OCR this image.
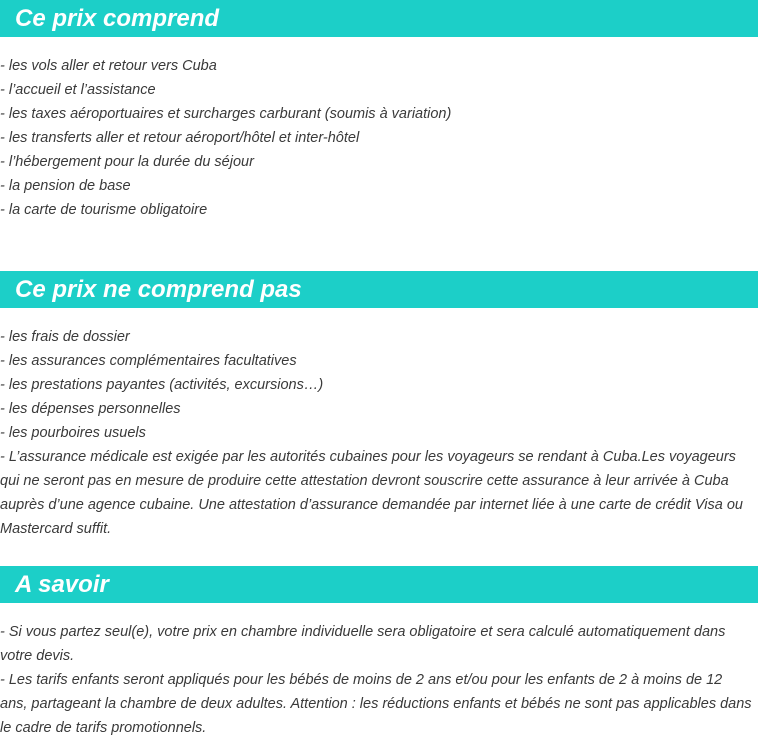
Ce prix comprend
- les vols aller et retour vers Cuba
- l’accueil et l’assistance
- les taxes aéroportuaires et surcharges carburant (soumis à variation)
- les transferts aller et retour aéroport/hôtel et inter-hôtel
- l’hébergement pour la durée du séjour
- la pension de base
- la carte de tourisme obligatoire
Ce prix ne comprend pas
- les frais de dossier
- les assurances complémentaires facultatives
- les prestations payantes (activités, excursions…)
- les dépenses personnelles
- les pourboires usuels
- L’assurance médicale est exigée par les autorités cubaines pour les voyageurs se rendant à Cuba.Les voyageurs qui ne seront pas en mesure de produire cette attestation devront souscrire cette assurance à leur arrivée à Cuba auprès d’une agence cubaine. Une attestation d’assurance demandée par internet liée à une carte de crédit Visa ou Mastercard suffit.
A savoir
- Si vous partez seul(e), votre prix en chambre individuelle sera obligatoire et sera calculé automatiquement dans votre devis.
- Les tarifs enfants seront appliqués pour les bébés de moins de 2 ans et/ou pour les enfants de 2 à moins de 12 ans, partageant la chambre de deux adultes. Attention : les réductions enfants et bébés ne sont pas applicables dans le cadre de tarifs promotionnels.
